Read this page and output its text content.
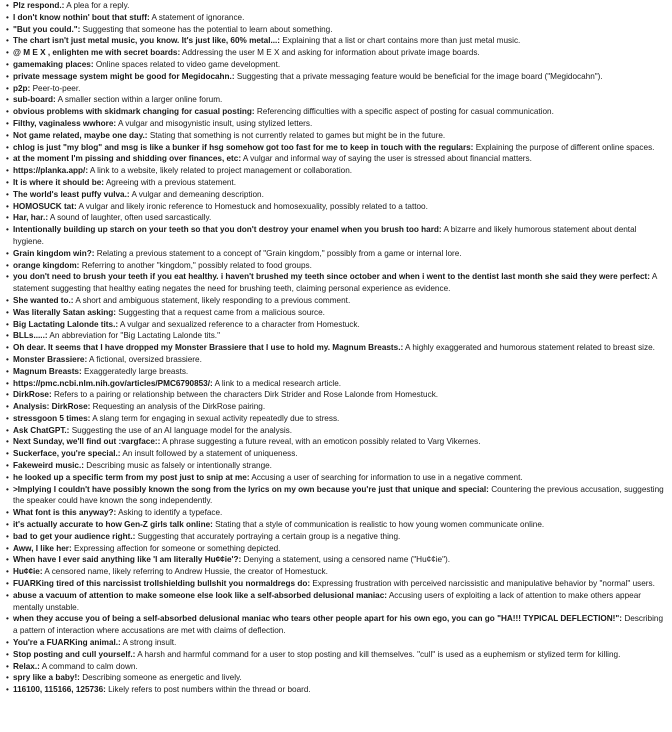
• Plz respond.: A plea for a reply.
• I don't know nothin' bout that stuff: A statement of ignorance.
• "But you could.": Suggesting that someone has the potential to learn about something.
• The chart isn't just metal music, you know. It's just like, 60% metal...: Explaining that a list or chart contains more than just metal music.
• @ M E X , enlighten me with secret boards: Addressing the user M E X and asking for information about private image boards.
• gamemaking places: Online spaces related to video game development.
• private message system might be good for Megidocahn.: Suggesting that a private messaging feature would be beneficial for the image board ("Megidocahn").
• p2p: Peer-to-peer.
• sub-board: A smaller section within a larger online forum.
• obvious problems with skidmark changing for casual posting: Referencing difficulties with a specific aspect of posting for casual communication.
• Filthy, vaginaless wwhore: A vulgar and misogynistic insult, using stylized letters.
• Not game related, maybe one day.: Stating that something is not currently related to games but might be in the future.
• chlog is just "my blog" and msg is like a bunker if hsg somehow got too fast for me to keep in touch with the regulars: Explaining the purpose of different online spaces.
• at the moment I'm pissing and shidding over finances, etc: A vulgar and informal way of saying the user is stressed about financial matters.
• https://planka.app/: A link to a website, likely related to project management or collaboration.
• It is where it should be: Agreeing with a previous statement.
• The world's least puffy vulva.: A vulgar and demeaning description.
• HOMOSUCK tat: A vulgar and likely ironic reference to Homestuck and homosexuality, possibly related to a tattoo.
• Har, har.: A sound of laughter, often used sarcastically.
• Intentionally building up starch on your teeth so that you don't destroy your enamel when you brush too hard: A bizarre and likely humorous statement about dental hygiene.
• Grain kingdom win?: Relating a previous statement to a concept of "Grain kingdom," possibly from a game or internal lore.
• orange kingdom: Referring to another "kingdom," possibly related to food groups.
• you don't need to brush your teeth if you eat healthy. i haven't brushed my teeth since october and when i went to the dentist last month she said they were perfect: A statement suggesting that healthy eating negates the need for brushing teeth, claiming personal experience as evidence.
• She wanted to.: A short and ambiguous statement, likely responding to a previous comment.
• Was literally Satan asking: Suggesting that a request came from a malicious source.
• Big Lactating Lalonde tits.: A vulgar and sexualized reference to a character from Homestuck.
• BLLs.....: An abbreviation for "Big Lactating Lalonde tits."
• Oh dear. It seems that I have dropped my Monster Brassiere that I use to hold my. Magnum Breasts.: A highly exaggerated and humorous statement related to breast size.
• Monster Brassiere: A fictional, oversized brassiere.
• Magnum Breasts: Exaggeratedly large breasts.
• https://pmc.ncbi.nlm.nih.gov/articles/PMC6790853/: A link to a medical research article.
• DirkRose: Refers to a pairing or relationship between the characters Dirk Strider and Rose Lalonde from Homestuck.
• Analysis: DirkRose: Requesting an analysis of the DirkRose pairing.
• stressgoon 5 times: A slang term for engaging in sexual activity repeatedly due to stress.
• Ask ChatGPT.: Suggesting the use of an AI language model for the analysis.
• Next Sunday, we'll find out :vargface:: A phrase suggesting a future reveal, with an emoticon possibly related to Varg Vikernes.
• Suckerface, you're special.: An insult followed by a statement of uniqueness.
• Fakeweird music.: Describing music as falsely or intentionally strange.
• he looked up a specific term from my post just to snip at me: Accusing a user of searching for information to use in a negative comment.
• >Implying I couldn't have possibly known the song from the lyrics on my own because you're just that unique and special: Countering the previous accusation, suggesting the speaker could have known the song independently.
• What font is this anyway?: Asking to identify a typeface.
• it's actually accurate to how Gen-Z girls talk online: Stating that a style of communication is realistic to how young women communicate online.
• bad to get your audience right.: Suggesting that accurately portraying a certain group is a negative thing.
• Aww, I like her: Expressing affection for someone or something depicted.
• When have I ever said anything like 'I am literally Hu¢¢ie'?: Denying a statement, using a censored name ("Hu¢¢ie").
• Hu¢¢ie: A censored name, likely referring to Andrew Hussie, the creator of Homestuck.
• FUARKing tired of this narcissist trollshielding bullshit you normaldregs do: Expressing frustration with perceived narcissistic and manipulative behavior by "normal" users.
• abuse a vacuum of attention to make someone else look like a self-absorbed delusional maniac: Accusing users of exploiting a lack of attention to make others appear mentally unstable.
• when they accuse you of being a self-absorbed delusional maniac who tears other people apart for his own ego, you can go "HA!!! TYPICAL DEFLECTION!": Describing a pattern of interaction where accusations are met with claims of deflection.
• You're a FUARKing animal.: A strong insult.
• Stop posting and cull yourself.: A harsh and harmful command for a user to stop posting and kill themselves. "cull" is used as a euphemism or stylized term for killing.
• Relax.: A command to calm down.
• spry like a baby!: Describing someone as energetic and lively.
• 116100, 115166, 125736: Likely refers to post numbers within the thread or board.
